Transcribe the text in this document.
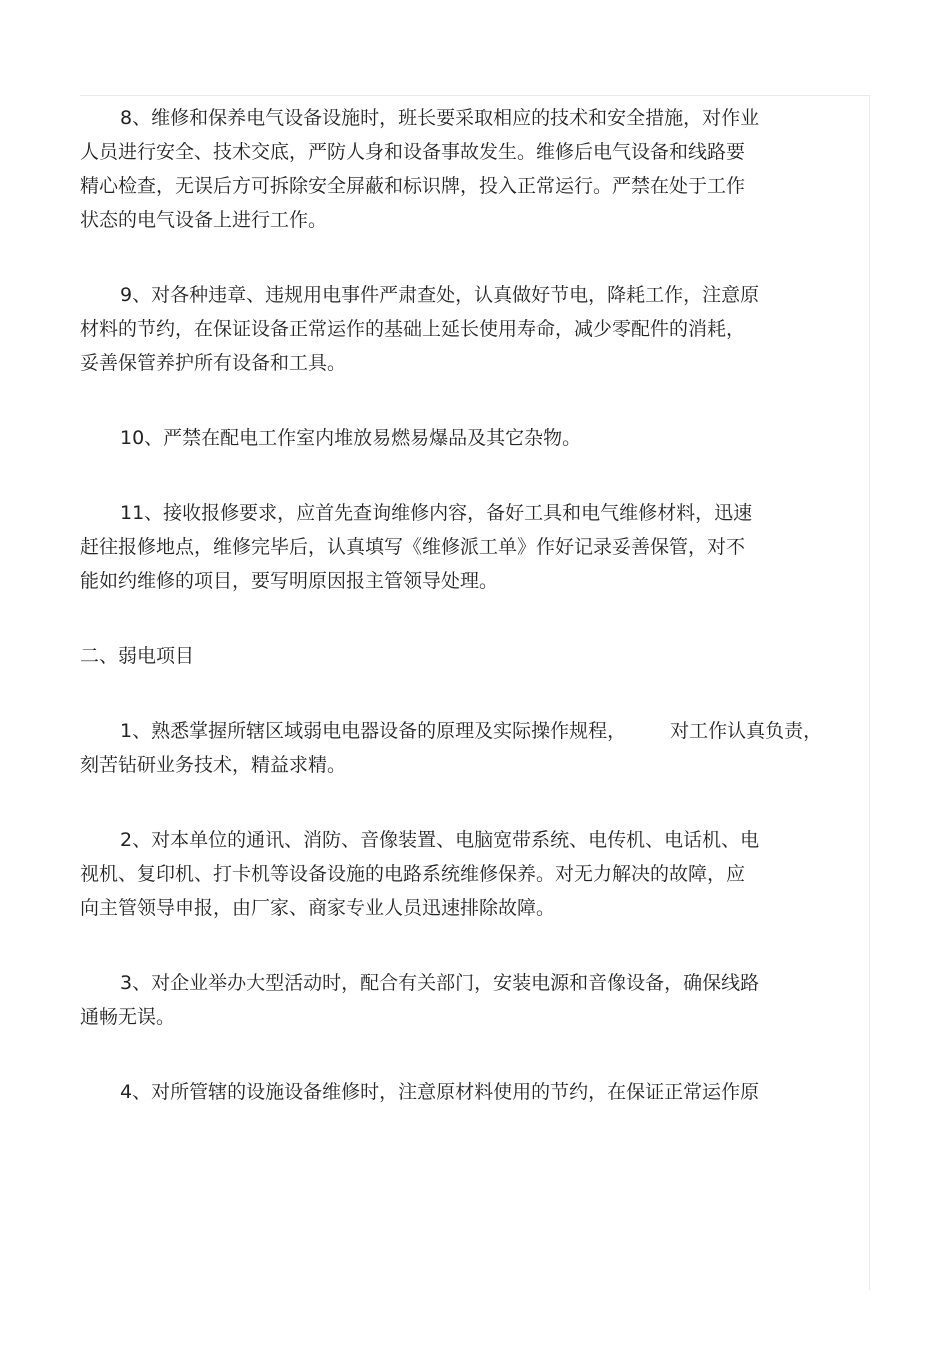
8、维修和保养电气设备设施时，班长要采取相应的技术和安全措施，对作业
人员进行安全、技术交底，严防人身和设备事故发生。维修后电气设备和线路要
精心检查，无误后方可拆除安全屏蔽和标识牌，投入正常运行。严禁在处于工作
状态的电气设备上进行工作。
9、对各种违章、违规用电事件严肃查处，认真做好节电，降耗工作，注意原
材料的节约，在保证设备正常运作的基础上延长使用寿命，减少零配件的消耗，
妥善保管养护所有设备和工具。
10、严禁在配电工作室内堆放易燃易爆品及其它杂物。
11、接收报修要求，应首先查询维修内容，备好工具和电气维修材料，迅速
赶往报修地点，维修完毕后，认真填写《维修派工单》作好记录妥善保管，对不
能如约维修的项目，要写明原因报主管领导处理。
二、弱电项目
1、熟悉掌握所辖区域弱电电器设备的原理及实际操作规程， 对工作认真负责，
刻苦钻研业务技术，精益求精。
2、对本单位的通讯、消防、音像装置、电脑宽带系统、电传机、电话机、电
视机、复印机、打卡机等设备设施的电路系统维修保养。对无力解决的故障，应
向主管领导申报，由厂家、商家专业人员迅速排除故障。
3、对企业举办大型活动时，配合有关部门，安装电源和音像设备，确保线路
通畅无误。
4、对所管辖的设施设备维修时，注意原材料使用的节约，在保证正常运作原
